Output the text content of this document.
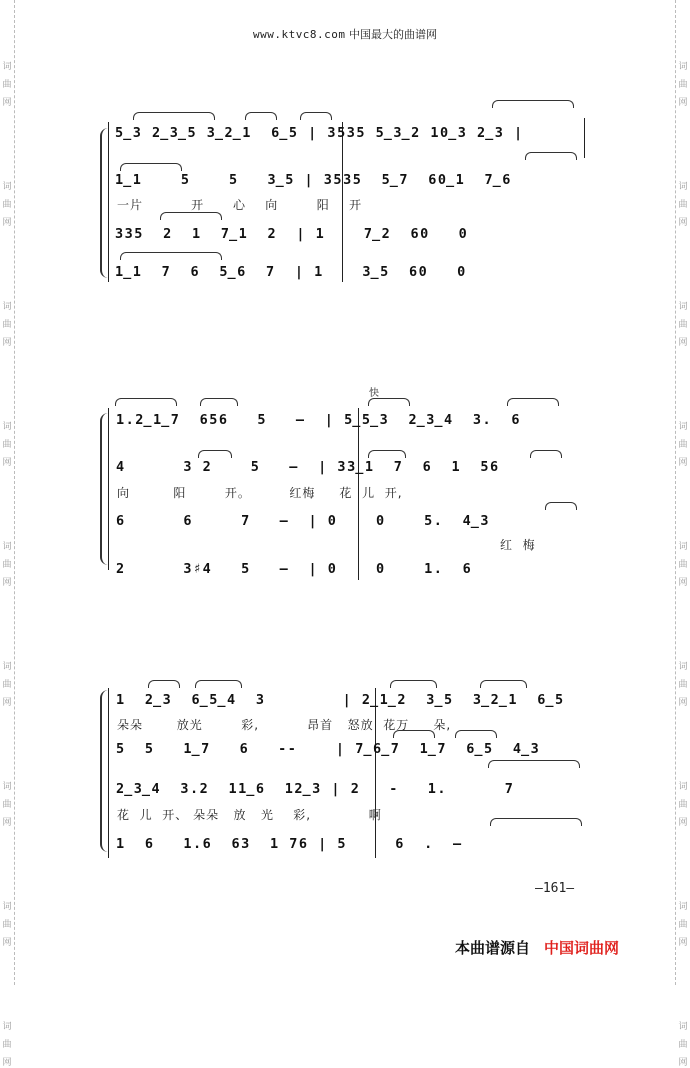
词
曲
网
词
曲
网
词
曲
网
词
曲
网
词
曲
网
词
曲
网
词
曲
网
词
曲
网
词
曲
网
词
曲
网
词
曲
网
词
曲
网
词
曲
网
词
曲
网
词
曲
网
词
曲
网
词
曲
网
词
曲
网
www.ktvc8.com 中国最大的曲谱网
5̲3 2̲3̲5 3̲2̲1  6̲5 | 3535 5̲3̲2 10̲3 2̲3 |
1̲1    5    5   3̲5 | 3535  5̲7  60̲1  7̲6
一片          开      心    向        阳    开
335  2  1  7̲1  2  | 1    7̲2  60   0
1̲1  7  6  5̲6  7  | 1    3̲5  60   0
快
1.2̲1̲7  656   5   —  | 5̲5̲3  2̲3̲4  3.  6
4      3 2    5   —  | 33̲1  7  6  1  56
向         阳        开。        红梅     花  儿  开,
6      6     7   —  | 0    0    5.  4̲3
红  梅
2      3♯4   5   —  | 0    0    1.  6
1  2̲3  6̲5̲4  3        | 2̲1̲2  3̲5  3̲2̲1  6̲5
朵朵       放光        彩,          昂首   怒放  花万     朵,
5  5   1̲7   6   --    | 7̲6̲7  1̲7  6̲5  4̲3
2̲3̲4  3.2  11̲6  12̲3 | 2   -   1.      7
花  儿  开、 朵朵   放   光    彩,            啊
1  6   1.6  63  1 76 | 5     6  .  —
—161—
本曲谱源自 中国词曲网
